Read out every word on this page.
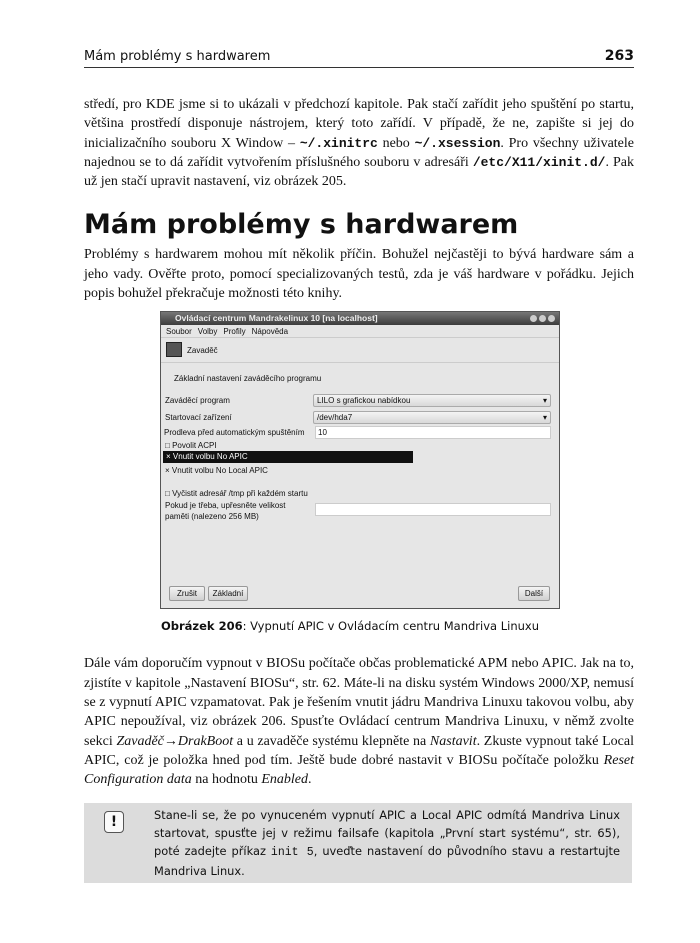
Mám problémy s hardwarem	263

středí, pro KDE jsme si to ukázali v předchozí kapitole. Pak stačí zařídit jeho spuštění po startu, většina prostředí disponuje nástrojem, který toto zařídí. V případě, že ne, zapište si jej do inicializačního souboru X Window – ~/.xinitrc nebo ~/.xsession. Pro všechny uživatele najednou se to dá zařídit vytvořením příslušného souboru v adresáři /etc/X11/xinit.d/. Pak už jen stačí upravit nastavení, viz obrázek 205.

Mám problémy s hardwarem

Problémy s hardwarem mohou mít několik příčin. Bohužel nejčastěji to bývá hardware sám a jeho vady. Ověřte proto, pomocí specializovaných testů, zda je váš hardware v pořádku. Jejich popis bohužel překračuje možnosti této knihy.

Ovládací centrum Mandrakelinux 10 [na localhost]
Soubor Volby Profily Nápověda
Zavaděč
Základní nastavení zaváděcího programu
Zaváděcí program	LILO s grafickou nabídkou	▾
Startovací zařízení	/dev/hda7	▾
Prodleva před automatickým spuštěním 10
□ Povolit ACPI
× Vnutit volbu No APIC
× Vnutit volbu No Local APIC
□ Vyčistit adresář /tmp při každém startu
Pokud je třeba, upřesněte velikost
paměti (nalezeno 256 MB)
Zrušit	Základní	Další
Obrázek 206: Vypnutí APIC v Ovládacím centru Mandriva Linuxu

Dále vám doporučím vypnout v BIOSu počítače občas problematické APM nebo APIC. Jak na to, zjistíte v kapitole „Nastavení BIOSu“, str. 62. Máte-li na disku systém Windows 2000/XP, nemusí se z vypnutí APIC vzpamatovat. Pak je řešením vnutit jádru Mandriva Linuxu takovou volbu, aby APIC nepoužíval, viz obrázek 206. Spusťte Ovládací centrum Mandriva Linuxu, v němž zvolte sekci Zavaděč→DrakBoot a u zavaděče systému klepněte na Nastavit. Zkuste vypnout také Local APIC, což je položka hned pod tím. Ještě bude dobré nastavit v BIOSu počítače položku Reset Configuration data na hodnotu Enabled.

!	Stane-li se, že po vynuceném vypnutí APIC a Local APIC odmítá Mandriva Linux startovat, spusťte jej v režimu failsafe (kapitola „První start systému“, str. 65), poté zadejte příkaz init 5, uveďte nastavení do původního stavu a restartujte Mandriva Linux.
